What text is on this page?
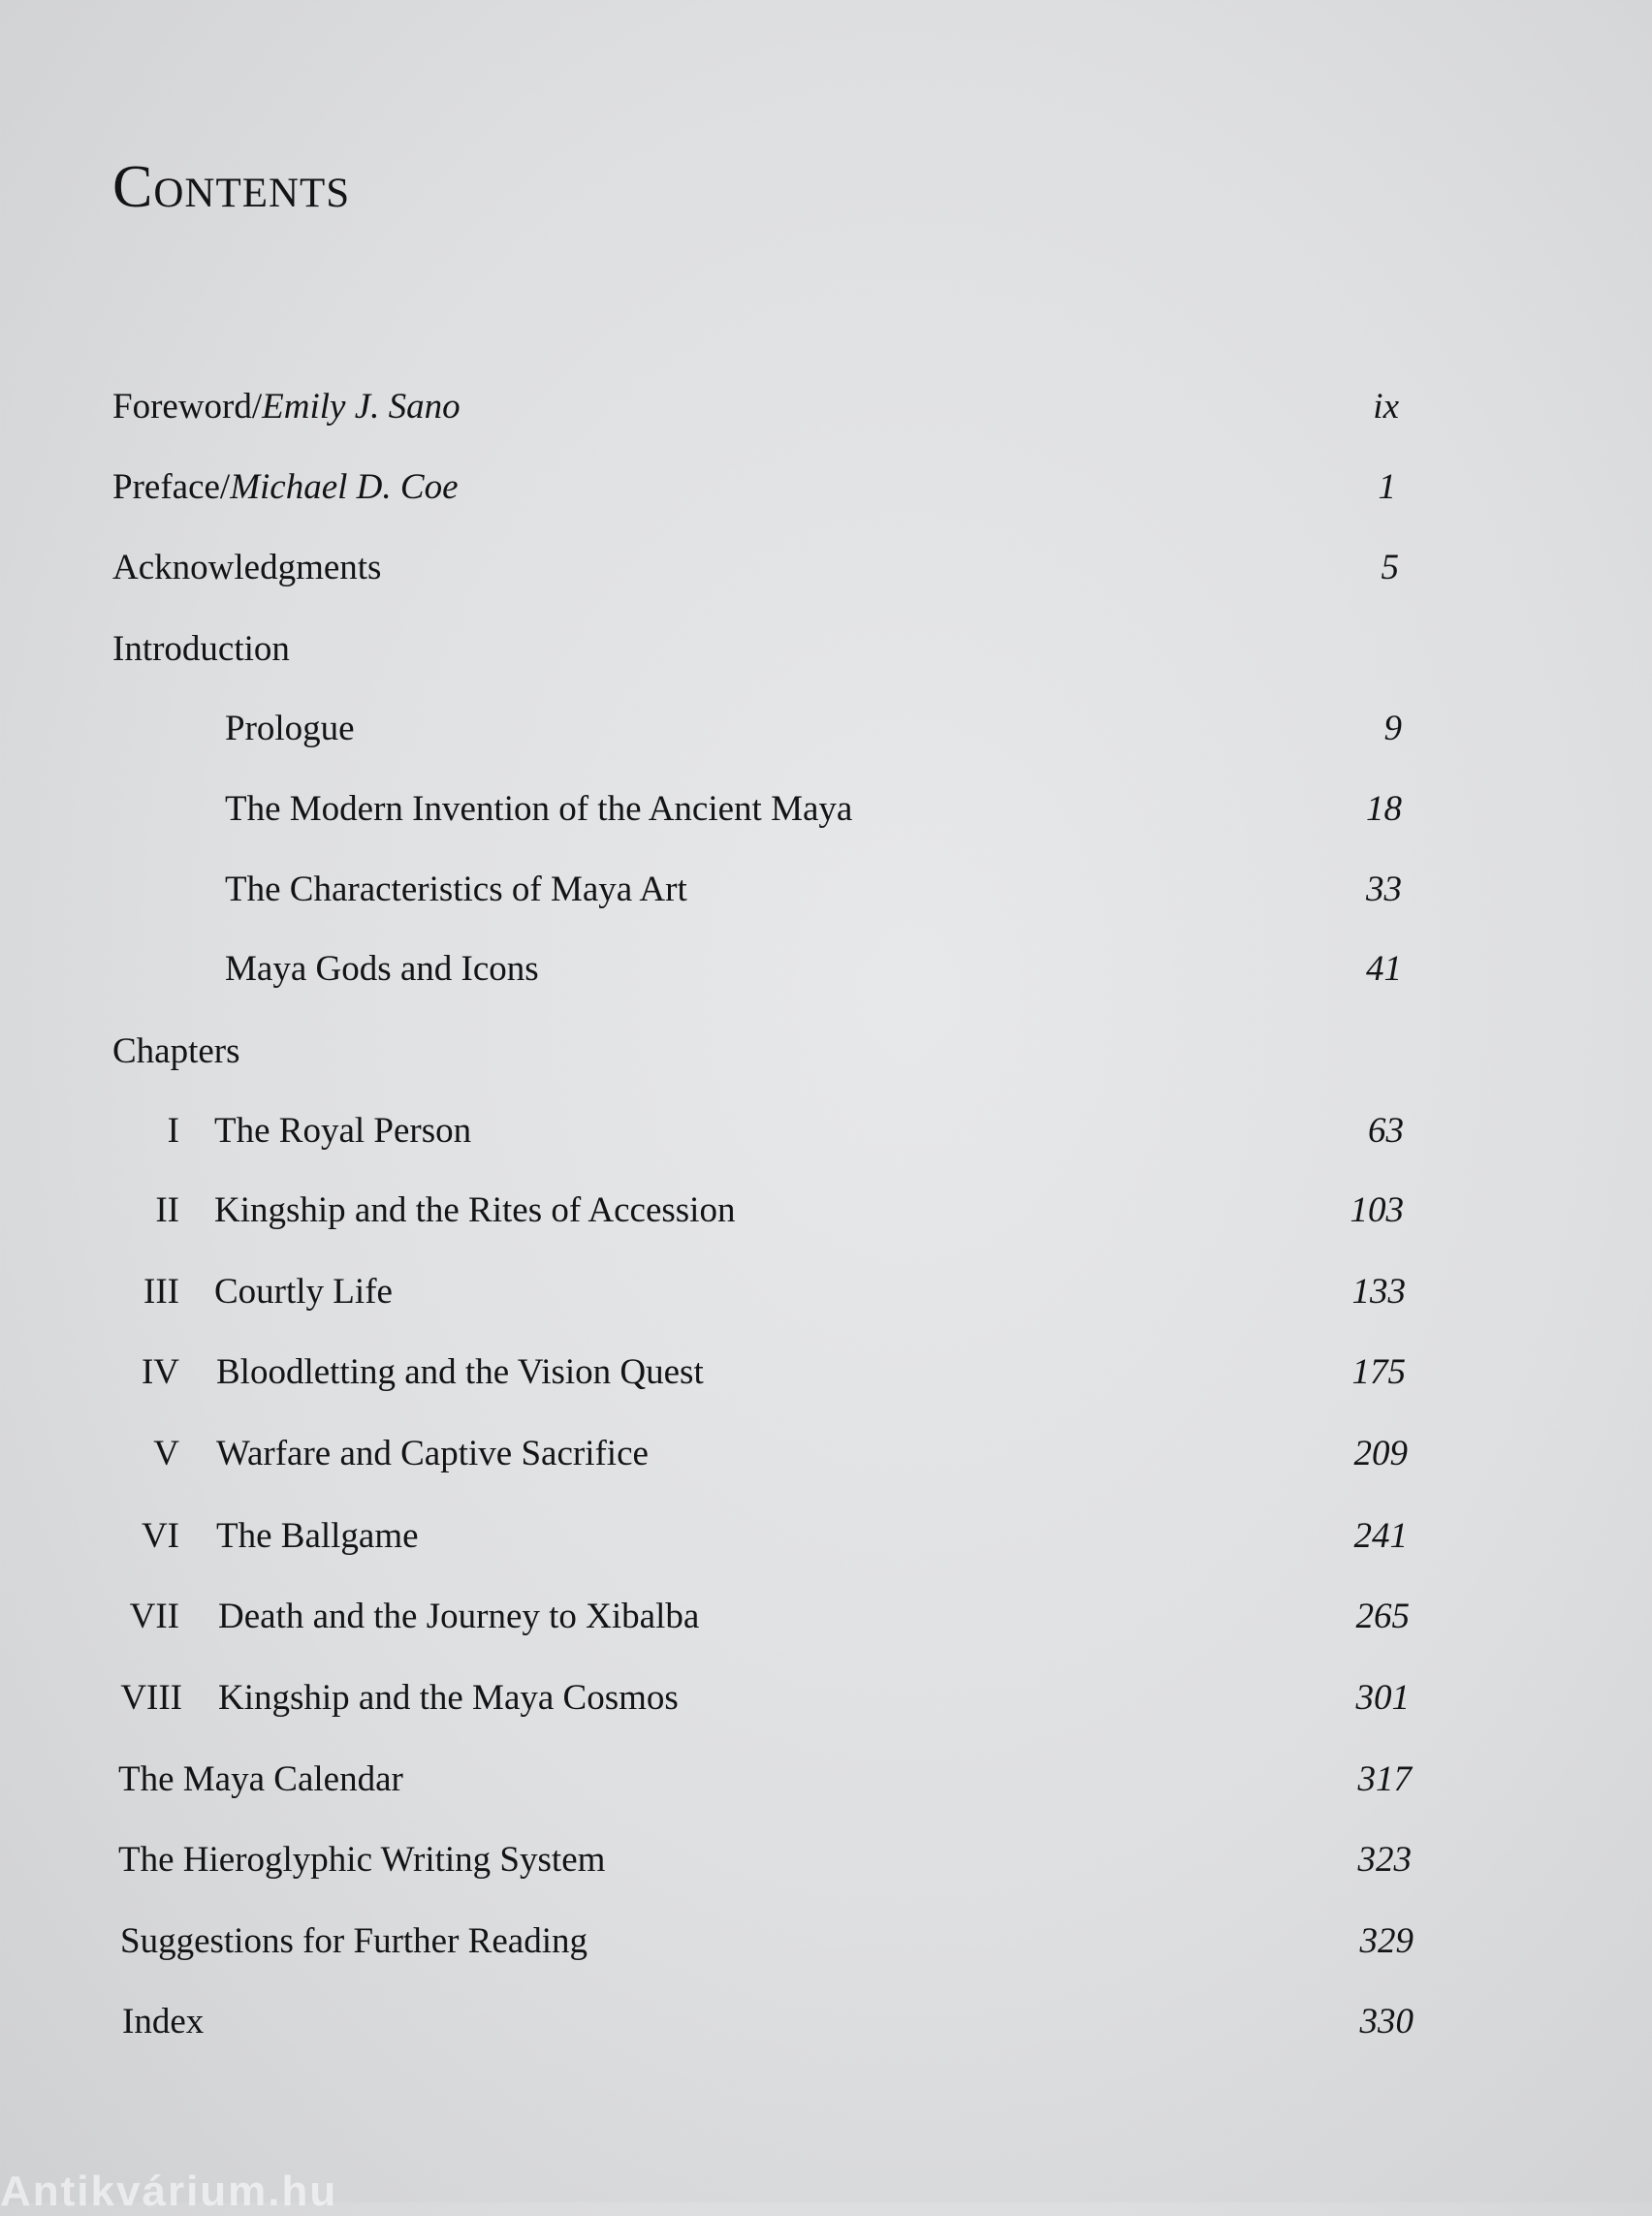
Contents
Foreword/Emily J. Sano	ix
Preface/Michael D. Coe	1
Acknowledgments	5
Introduction
Prologue	9
The Modern Invention of the Ancient Maya	18
The Characteristics of Maya Art	33
Maya Gods and Icons	41
Chapters
I The Royal Person	63
II Kingship and the Rites of Accession	103
III Courtly Life	133
IV Bloodletting and the Vision Quest	175
V Warfare and Captive Sacrifice	209
VI The Ballgame	241
VII Death and the Journey to Xibalba	265
VIII Kingship and the Maya Cosmos	301
The Maya Calendar	317
The Hieroglyphic Writing System	323
Suggestions for Further Reading	329
Index	330
Antikvárium.hu
